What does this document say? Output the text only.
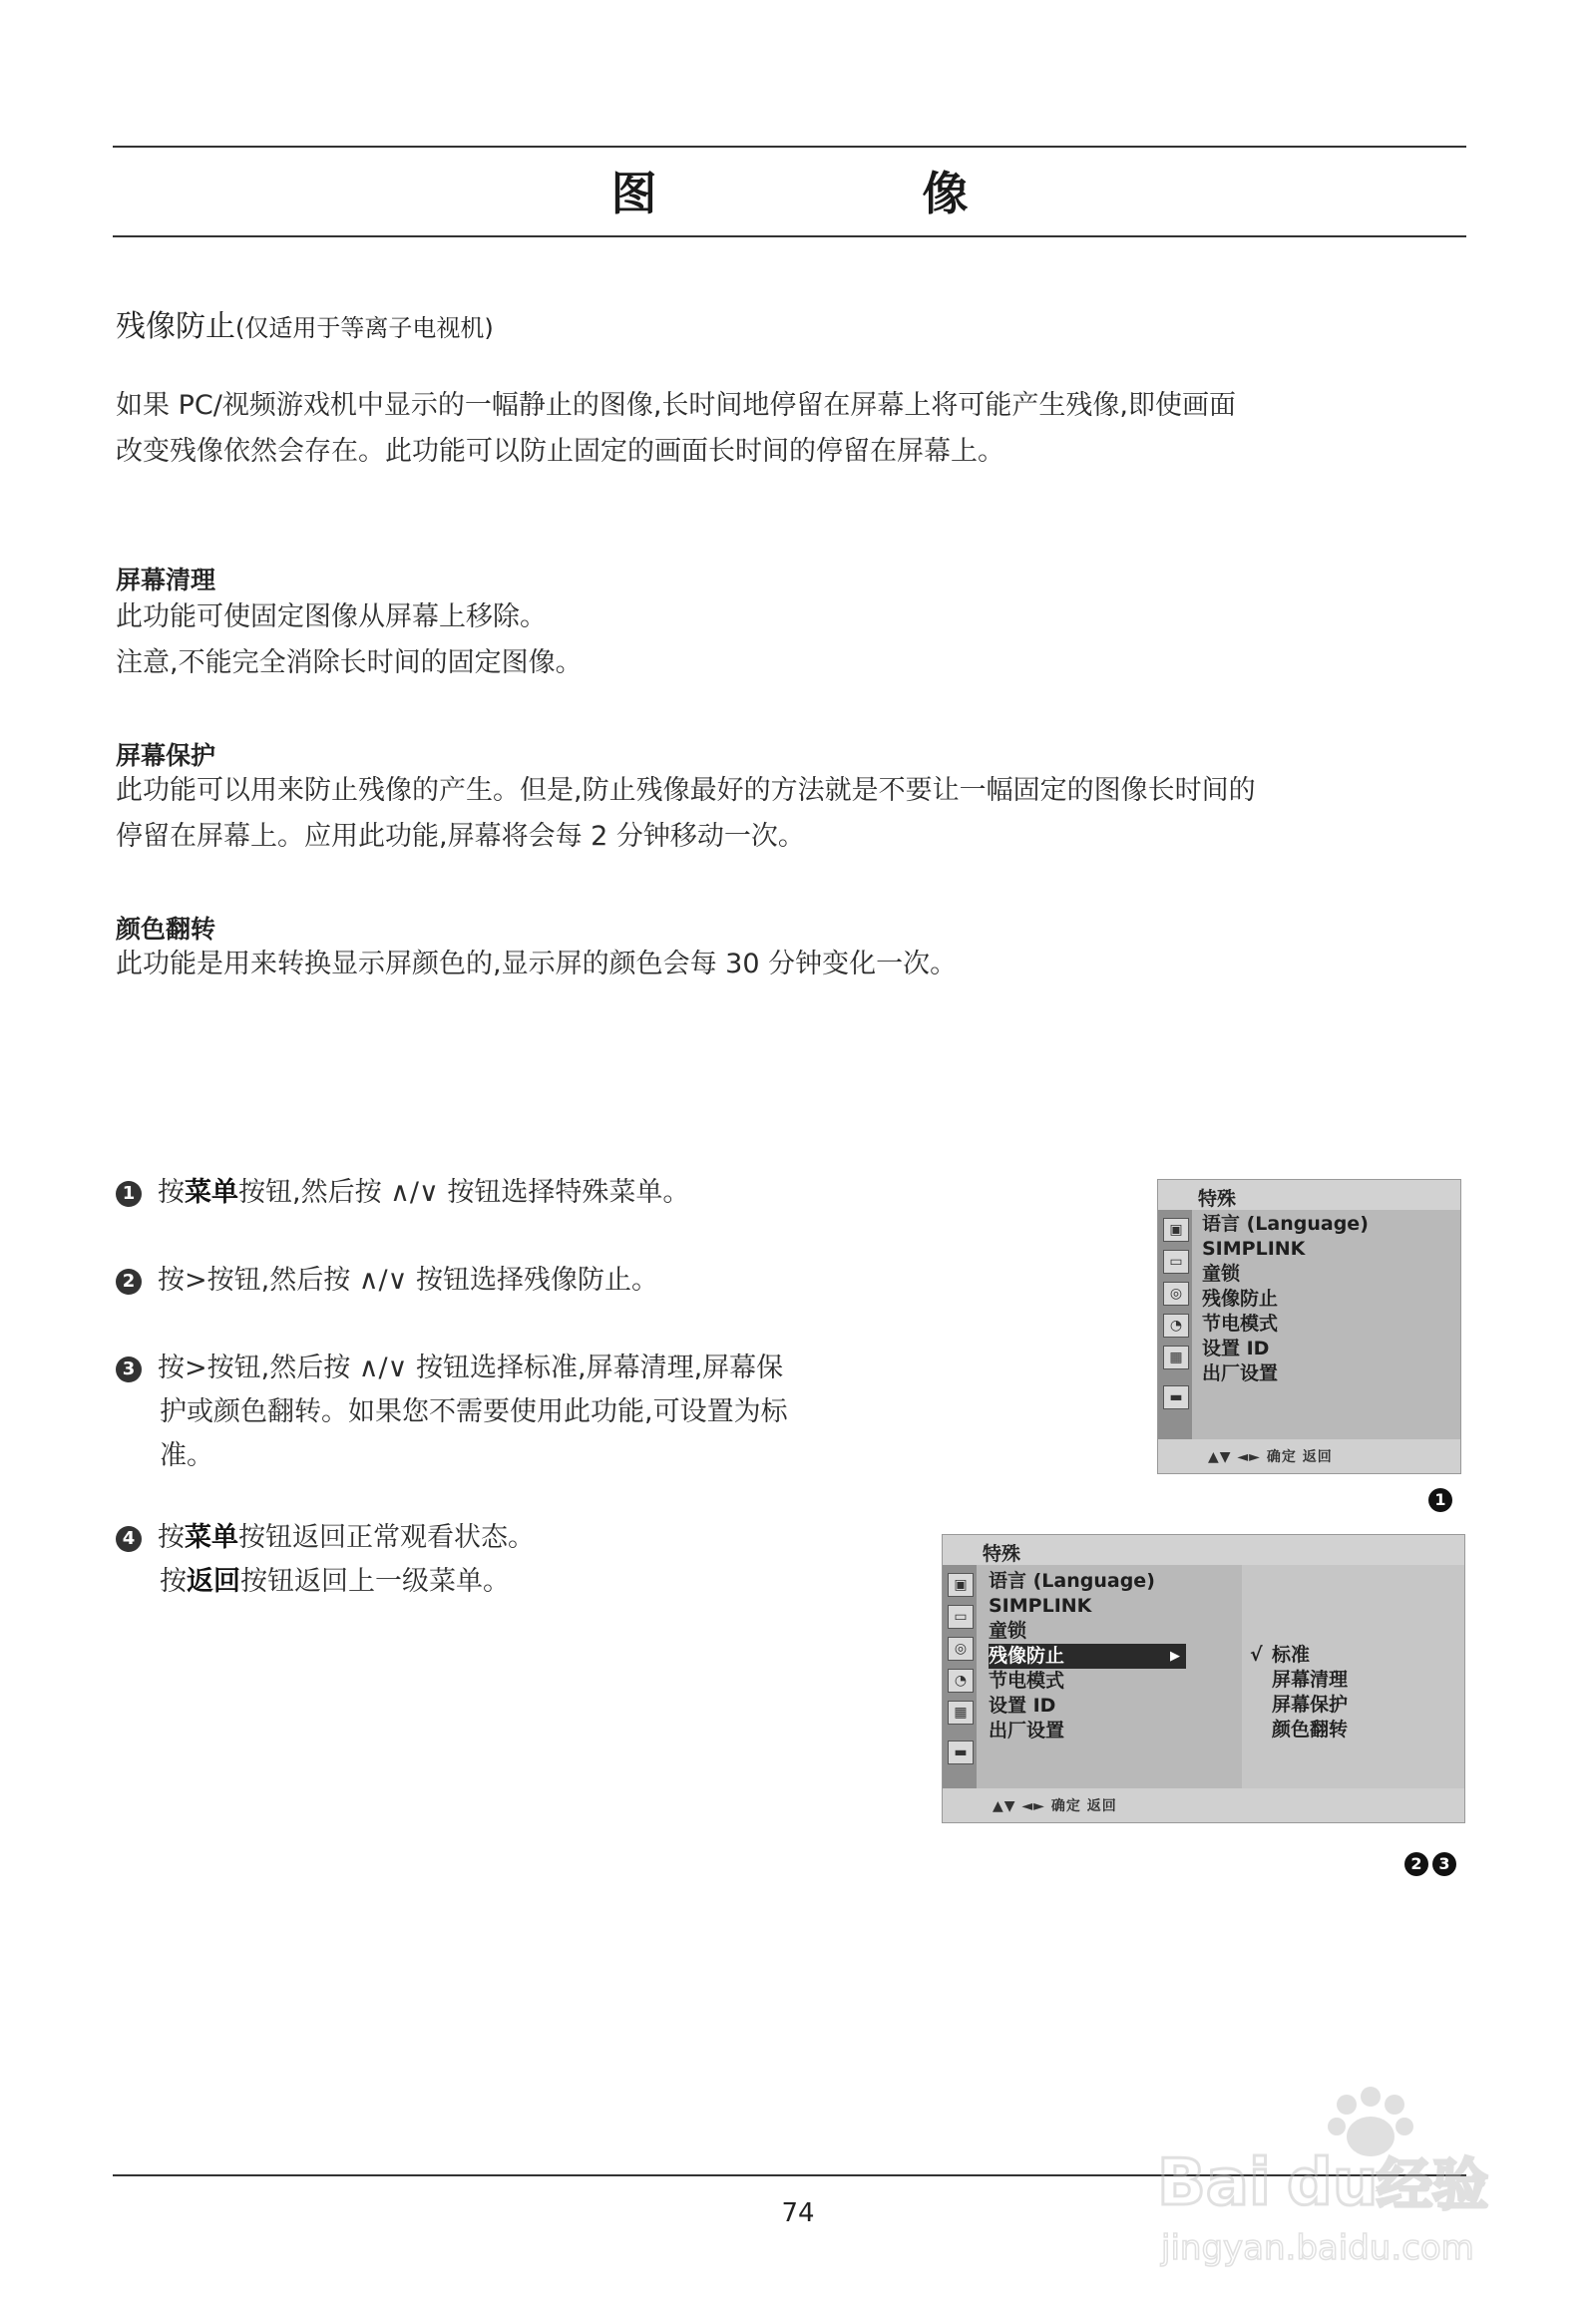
图　像
残像防止(仅适用于等离子电视机)
如果 PC/视频游戏机中显示的一幅静止的图像,长时间地停留在屏幕上将可能产生残像,即使画面
改变残像依然会存在。此功能可以防止固定的画面长时间的停留在屏幕上。
屏幕清理
此功能可使固定图像从屏幕上移除。
注意,不能完全消除长时间的固定图像。
屏幕保护
此功能可以用来防止残像的产生。但是,防止残像最好的方法就是不要让一幅固定的图像长时间的
停留在屏幕上。应用此功能,屏幕将会每 2 分钟移动一次。
颜色翻转
此功能是用来转换显示屏颜色的,显示屏的颜色会每 30 分钟变化一次。
1 按菜单按钮,然后按 ∧/∨ 按钮选择特殊菜单。
2 按>按钮,然后按 ∧/∨ 按钮选择残像防止。
3 按>按钮,然后按 ∧/∨ 按钮选择标准,屏幕清理,屏幕保
护或颜色翻转。如果您不需要使用此功能,可设置为标
准。
4 按菜单按钮返回正常观看状态。
按返回按钮返回上一级菜单。
特殊
▣
▭
◎
◔
▦
▬
语言 (Language)
SIMPLINK
童锁
残像防止
节电模式
设置 ID
出厂设置
▲▼ ◄► 确定 返回
1
特殊
▣
▭
◎
◔
▦
▬
语言 (Language)
SIMPLINK
童锁
残像防止	▶
节电模式
设置 ID
出厂设置
√ 标准
屏幕清理
屏幕保护
颜色翻转
▲▼ ◄► 确定 返回
2	3
74	Bai du
经验
jingyan.baidu.com
